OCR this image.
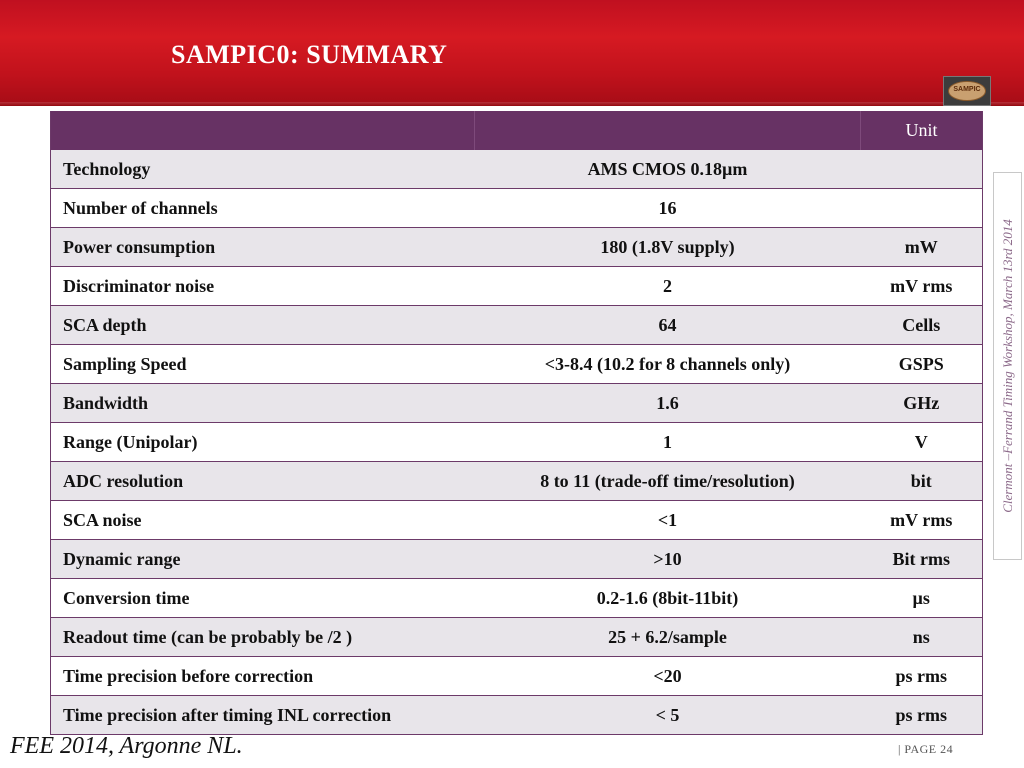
SAMPIC0: SUMMARY
SAMPIC
		Unit
Technology	AMS CMOS 0.18µm	
Number of channels	16	
Power consumption	180 (1.8V supply)	mW
Discriminator noise	2	mV rms
SCA depth	64	Cells
Sampling Speed	<3-8.4 (10.2 for 8 channels only)	GSPS
Bandwidth	1.6	GHz
Range (Unipolar)	1	V
ADC resolution	8 to 11 (trade-off time/resolution)	bit
SCA noise	<1	mV rms
Dynamic range	>10	Bit rms
Conversion time	0.2-1.6 (8bit-11bit)	µs
Readout time (can be probably be /2 )	25 + 6.2/sample	ns
Time precision before correction	<20	ps rms
Time precision after timing INL correction	< 5	ps rms
Clermont –Ferrand Timing Workshop, March 13rd 2014
FEE 2014, Argonne NL.	| PAGE 24
